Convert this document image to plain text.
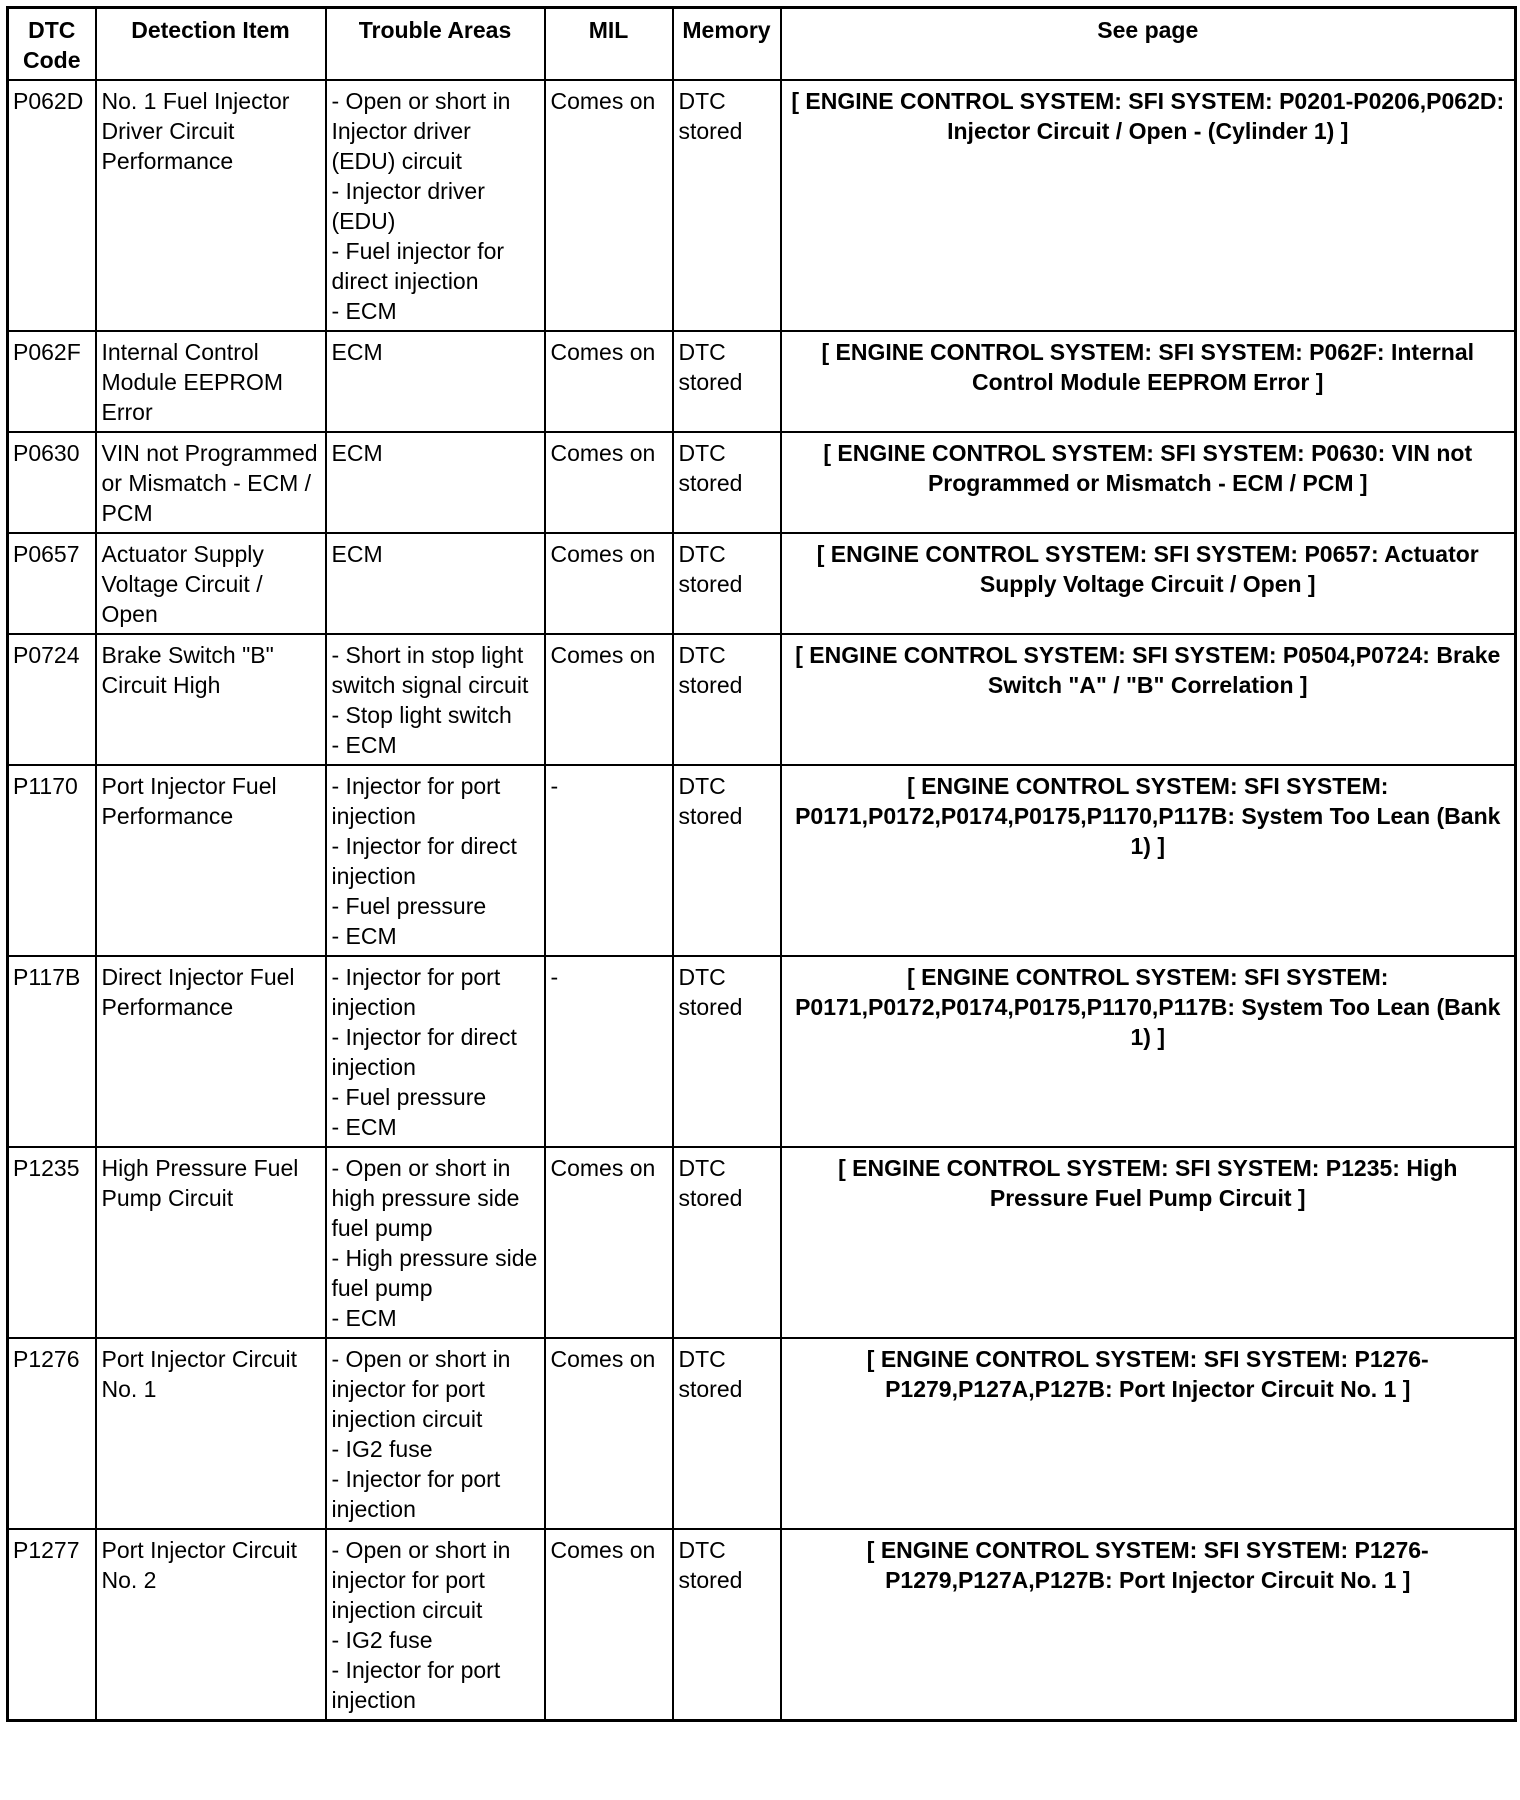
DTC Code	Detection Item	Trouble Areas	MIL	Memory	See page
P062D	No. 1 Fuel Injector Driver Circuit Performance	- Open or short in Injector driver (EDU) circuit
- Injector driver (EDU)
- Fuel injector for direct injection
- ECM	Comes on	DTC stored	[ ENGINE CONTROL SYSTEM: SFI SYSTEM: P0201-P0206,P062D: Injector Circuit / Open - (Cylinder 1) ]
P062F	Internal Control Module EEPROM Error	ECM	Comes on	DTC stored	[ ENGINE CONTROL SYSTEM: SFI SYSTEM: P062F: Internal Control Module EEPROM Error ]
P0630	VIN not Programmed or Mismatch - ECM / PCM	ECM	Comes on	DTC stored	[ ENGINE CONTROL SYSTEM: SFI SYSTEM: P0630: VIN not Programmed or Mismatch - ECM / PCM ]
P0657	Actuator Supply Voltage Circuit / Open	ECM	Comes on	DTC stored	[ ENGINE CONTROL SYSTEM: SFI SYSTEM: P0657: Actuator Supply Voltage Circuit / Open ]
P0724	Brake Switch "B" Circuit High	- Short in stop light switch signal circuit
- Stop light switch
- ECM	Comes on	DTC stored	[ ENGINE CONTROL SYSTEM: SFI SYSTEM: P0504,P0724: Brake Switch "A" / "B" Correlation ]
P1170	Port Injector Fuel Performance	- Injector for port injection
- Injector for direct injection
- Fuel pressure
- ECM	-	DTC stored	[ ENGINE CONTROL SYSTEM: SFI SYSTEM: P0171,P0172,P0174,P0175,P1170,P117B: System Too Lean (Bank 1) ]
P117B	Direct Injector Fuel Performance	- Injector for port injection
- Injector for direct injection
- Fuel pressure
- ECM	-	DTC stored	[ ENGINE CONTROL SYSTEM: SFI SYSTEM: P0171,P0172,P0174,P0175,P1170,P117B: System Too Lean (Bank 1) ]
P1235	High Pressure Fuel Pump Circuit	- Open or short in high pressure side fuel pump
- High pressure side fuel pump
- ECM	Comes on	DTC stored	[ ENGINE CONTROL SYSTEM: SFI SYSTEM: P1235: High Pressure Fuel Pump Circuit ]
P1276	Port Injector Circuit No. 1	- Open or short in injector for port injection circuit
- IG2 fuse
- Injector for port injection	Comes on	DTC stored	[ ENGINE CONTROL SYSTEM: SFI SYSTEM: P1276-P1279,P127A,P127B: Port Injector Circuit No. 1 ]
P1277	Port Injector Circuit No. 2	- Open or short in injector for port injection circuit
- IG2 fuse
- Injector for port injection	Comes on	DTC stored	[ ENGINE CONTROL SYSTEM: SFI SYSTEM: P1276-P1279,P127A,P127B: Port Injector Circuit No. 1 ]
